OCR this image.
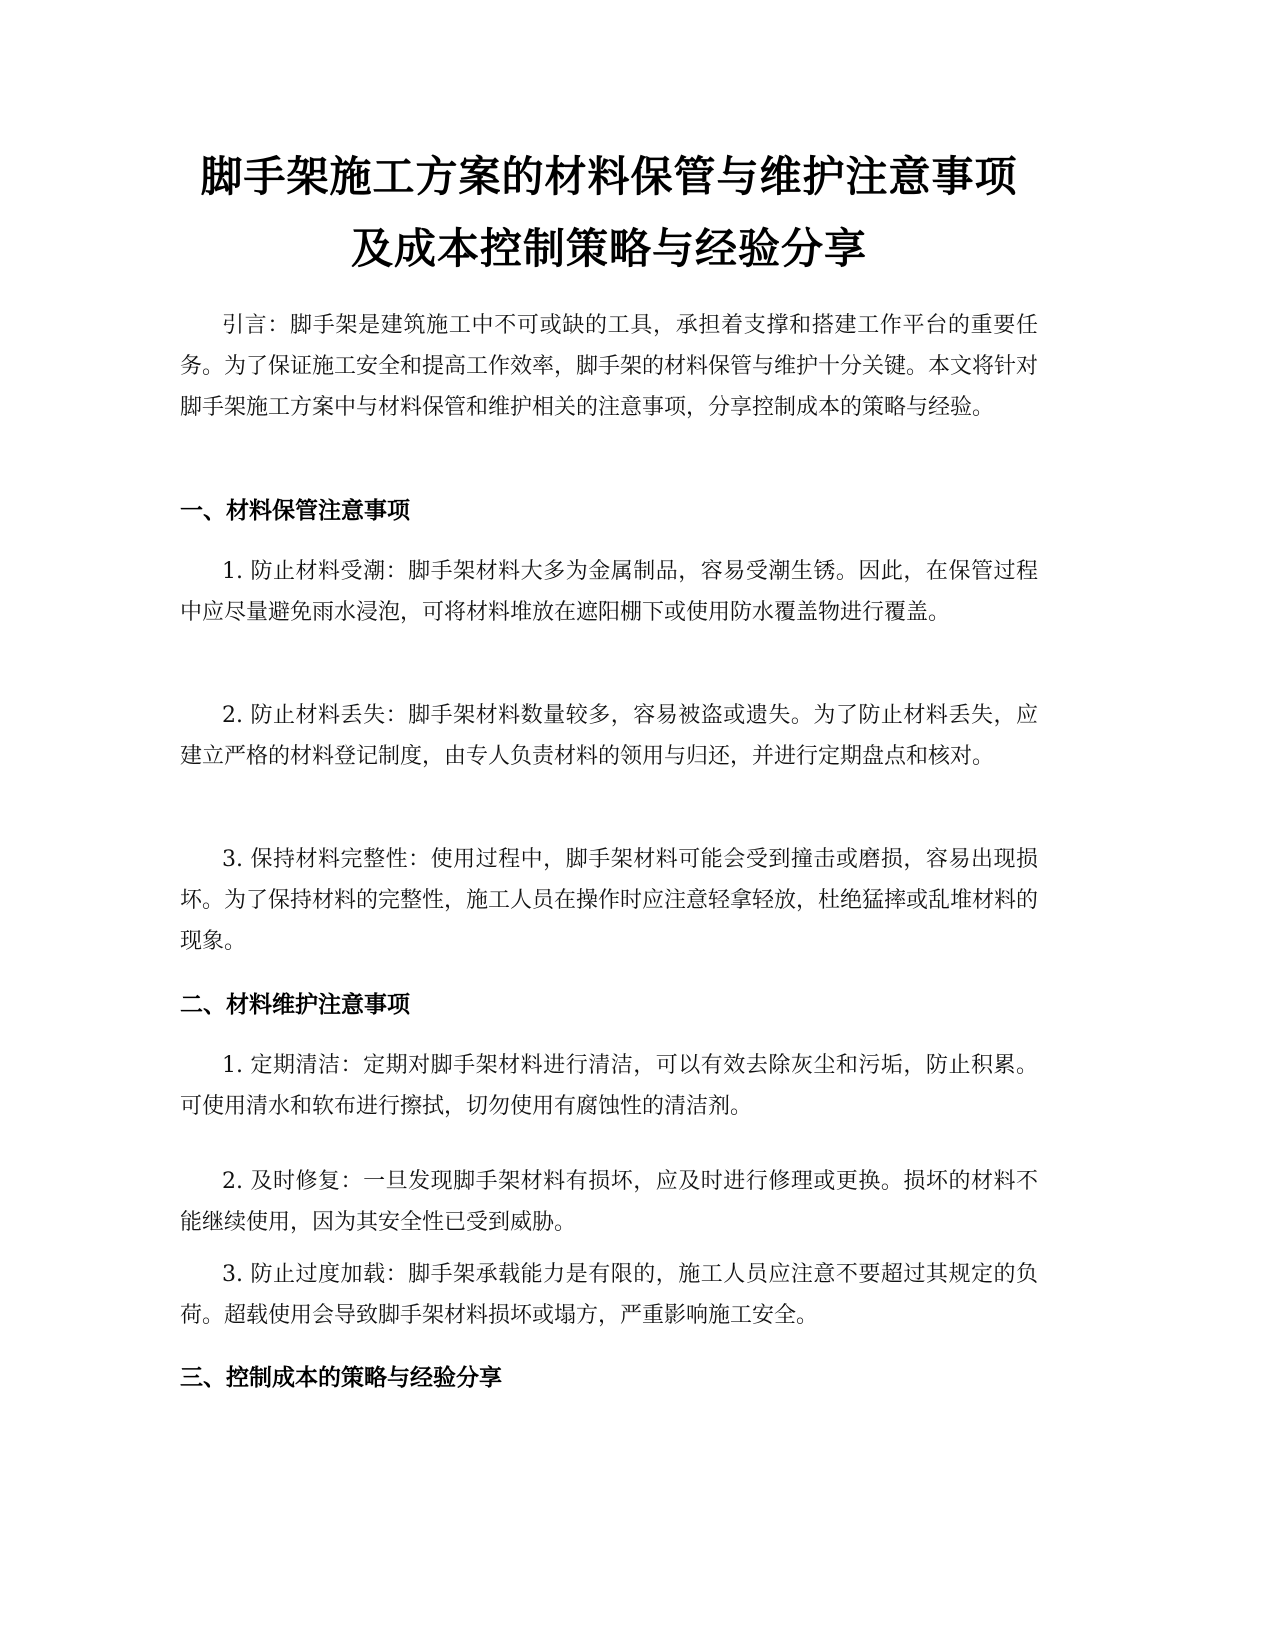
脚手架施工方案的材料保管与维护注意事项
及成本控制策略与经验分享

引言：脚手架是建筑施工中不可或缺的工具，承担着支撑和搭建工作平台的重要任务。为了保证施工安全和提高工作效率，脚手架的材料保管与维护十分关键。本文将针对脚手架施工方案中与材料保管和维护相关的注意事项，分享控制成本的策略与经验。

一、材料保管注意事项

1. 防止材料受潮：脚手架材料大多为金属制品，容易受潮生锈。因此，在保管过程中应尽量避免雨水浸泡，可将材料堆放在遮阳棚下或使用防水覆盖物进行覆盖。

2. 防止材料丢失：脚手架材料数量较多，容易被盗或遗失。为了防止材料丢失，应建立严格的材料登记制度，由专人负责材料的领用与归还，并进行定期盘点和核对。

3. 保持材料完整性：使用过程中，脚手架材料可能会受到撞击或磨损，容易出现损坏。为了保持材料的完整性，施工人员在操作时应注意轻拿轻放，杜绝猛摔或乱堆材料的现象。

二、材料维护注意事项

1. 定期清洁：定期对脚手架材料进行清洁，可以有效去除灰尘和污垢，防止积累。可使用清水和软布进行擦拭，切勿使用有腐蚀性的清洁剂。

2. 及时修复：一旦发现脚手架材料有损坏，应及时进行修理或更换。损坏的材料不能继续使用，因为其安全性已受到威胁。

3. 防止过度加载：脚手架承载能力是有限的，施工人员应注意不要超过其规定的负荷。超载使用会导致脚手架材料损坏或塌方，严重影响施工安全。

三、控制成本的策略与经验分享
